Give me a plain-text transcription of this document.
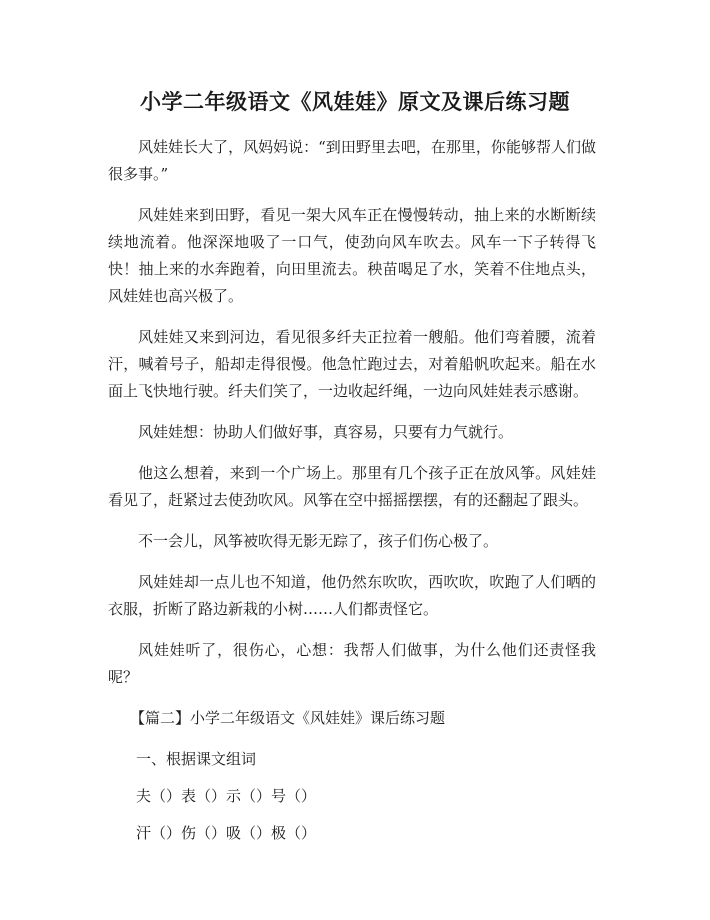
小学二年级语文《风娃娃》原文及课后练习题

风娃娃长大了，风妈妈说：“到田野里去吧，在那里，你能够帮人们做很多事。”

风娃娃来到田野，看见一架大风车正在慢慢转动，抽上来的水断断续续地流着。他深深地吸了一口气，使劲向风车吹去。风车一下子转得飞快！抽上来的水奔跑着，向田里流去。秧苗喝足了水，笑着不住地点头，风娃娃也高兴极了。

风娃娃又来到河边，看见很多纤夫正拉着一艘船。他们弯着腰，流着汗，喊着号子，船却走得很慢。他急忙跑过去，对着船帆吹起来。船在水面上飞快地行驶。纤夫们笑了，一边收起纤绳，一边向风娃娃表示感谢。

风娃娃想：协助人们做好事，真容易，只要有力气就行。

他这么想着，来到一个广场上。那里有几个孩子正在放风筝。风娃娃看见了，赶紧过去使劲吹风。风筝在空中摇摇摆摆，有的还翻起了跟头。

不一会儿，风筝被吹得无影无踪了，孩子们伤心极了。

风娃娃却一点儿也不知道，他仍然东吹吹，西吹吹，吹跑了人们晒的衣服，折断了路边新栽的小树……人们都责怪它。

风娃娃听了，很伤心，心想：我帮人们做事，为什么他们还责怪我呢？

【篇二】小学二年级语文《风娃娃》课后练习题

一、根据课文组词

夫（）表（）示（）号（）

汗（）伤（）吸（）极（）
